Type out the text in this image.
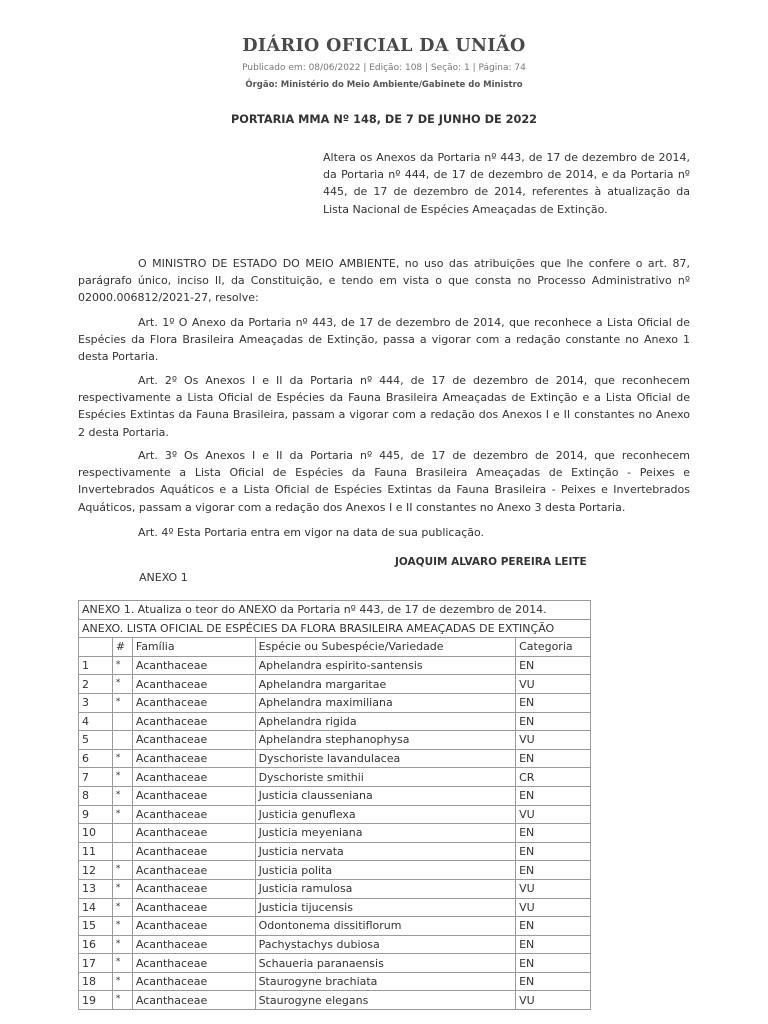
DIÁRIO OFICIAL DA UNIÃO
Publicado em: 08/06/2022 | Edição: 108 | Seção: 1 | Página: 74
Órgão: Ministério do Meio Ambiente/Gabinete do Ministro
PORTARIA MMA Nº 148, DE 7 DE JUNHO DE 2022
Altera os Anexos da Portaria nº 443, de 17 de dezembro de 2014, da Portaria nº 444, de 17 de dezembro de 2014, e da Portaria nº 445, de 17 de dezembro de 2014, referentes à atualização da Lista Nacional de Espécies Ameaçadas de Extinção.

O MINISTRO DE ESTADO DO MEIO AMBIENTE, no uso das atribuições que lhe confere o art. 87, parágrafo único, inciso II, da Constituição, e tendo em vista o que consta no Processo Administrativo nº 02000.006812/2021-27, resolve:

Art. 1º O Anexo da Portaria nº 443, de 17 de dezembro de 2014, que reconhece a Lista Oficial de Espécies da Flora Brasileira Ameaçadas de Extinção, passa a vigorar com a redação constante no Anexo 1 desta Portaria.

Art. 2º Os Anexos I e II da Portaria nº 444, de 17 de dezembro de 2014, que reconhecem respectivamente a Lista Oficial de Espécies da Fauna Brasileira Ameaçadas de Extinção e a Lista Oficial de Espécies Extintas da Fauna Brasileira, passam a vigorar com a redação dos Anexos I e II constantes no Anexo 2 desta Portaria.

Art. 3º Os Anexos I e II da Portaria nº 445, de 17 de dezembro de 2014, que reconhecem respectivamente a Lista Oficial de Espécies da Fauna Brasileira Ameaçadas de Extinção - Peixes e Invertebrados Aquáticos e a Lista Oficial de Espécies Extintas da Fauna Brasileira - Peixes e Invertebrados Aquáticos, passam a vigorar com a redação dos Anexos I e II constantes no Anexo 3 desta Portaria.

Art. 4º Esta Portaria entra em vigor na data de sua publicação.

JOAQUIM ALVARO PEREIRA LEITE
ANEXO 1
ANEXO 1. Atualiza o teor do ANEXO da Portaria nº 443, de 17 de dezembro de 2014.				
ANEXO. LISTA OFICIAL DE ESPÉCIES DA FLORA BRASILEIRA AMEAÇADAS DE EXTINÇÃO				
	#	Família	Espécie ou Subespécie/Variedade	Categoria
1	*	Acanthaceae	Aphelandra espirito-santensis	EN
2	*	Acanthaceae	Aphelandra margaritae	VU
3	*	Acanthaceae	Aphelandra maximiliana	EN
4		Acanthaceae	Aphelandra rigida	EN
5		Acanthaceae	Aphelandra stephanophysa	VU
6	*	Acanthaceae	Dyschoriste lavandulacea	EN
7	*	Acanthaceae	Dyschoriste smithii	CR
8	*	Acanthaceae	Justicia clausseniana	EN
9	*	Acanthaceae	Justicia genuflexa	VU
10		Acanthaceae	Justicia meyeniana	EN
11		Acanthaceae	Justicia nervata	EN
12	*	Acanthaceae	Justicia polita	EN
13	*	Acanthaceae	Justicia ramulosa	VU
14	*	Acanthaceae	Justicia tijucensis	VU
15	*	Acanthaceae	Odontonema dissitiflorum	EN
16	*	Acanthaceae	Pachystachys dubiosa	EN
17	*	Acanthaceae	Schaueria paranaensis	EN
18	*	Acanthaceae	Staurogyne brachiata	EN
19	*	Acanthaceae	Staurogyne elegans	VU
